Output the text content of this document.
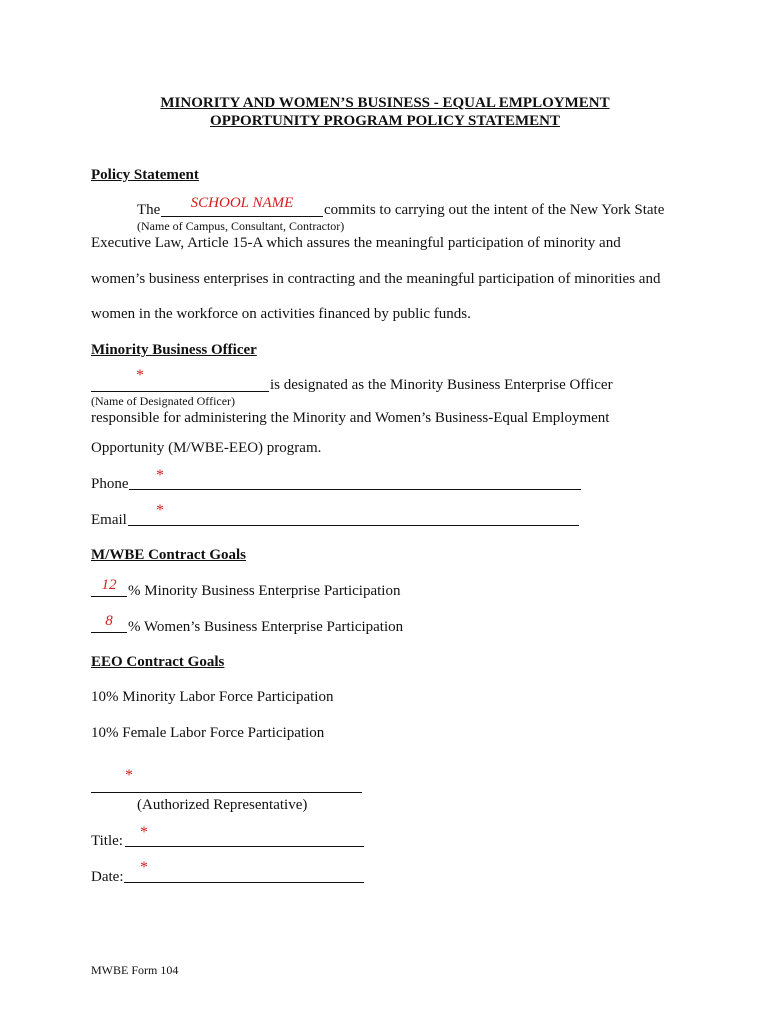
MINORITY AND WOMEN’S BUSINESS - EQUAL EMPLOYMENT
OPPORTUNITY PROGRAM POLICY STATEMENT
Policy Statement
The	SCHOOL NAME	commits to carrying out the intent of the New York State
(Name of Campus, Consultant, Contractor)
Executive Law, Article 15-A which assures the meaningful participation of minority and
women’s business enterprises in contracting and the meaningful participation of minorities and
women in the workforce on activities financed by public funds.
Minority Business Officer
*
is designated as the Minority Business Enterprise Officer
(Name of Designated Officer)
responsible for administering the Minority and Women’s Business-Equal Employment
Opportunity (M/WBE-EEO) program.
Phone *
Email
*
M/WBE Contract Goals
12 % Minority Business Enterprise Participation
8	% Women’s Business Enterprise Participation
EEO Contract Goals
10% Minority Labor Force Participation
10% Female Labor Force Participation
*
(Authorized Representative)
Title: *
Date:
*
MWBE Form 104
